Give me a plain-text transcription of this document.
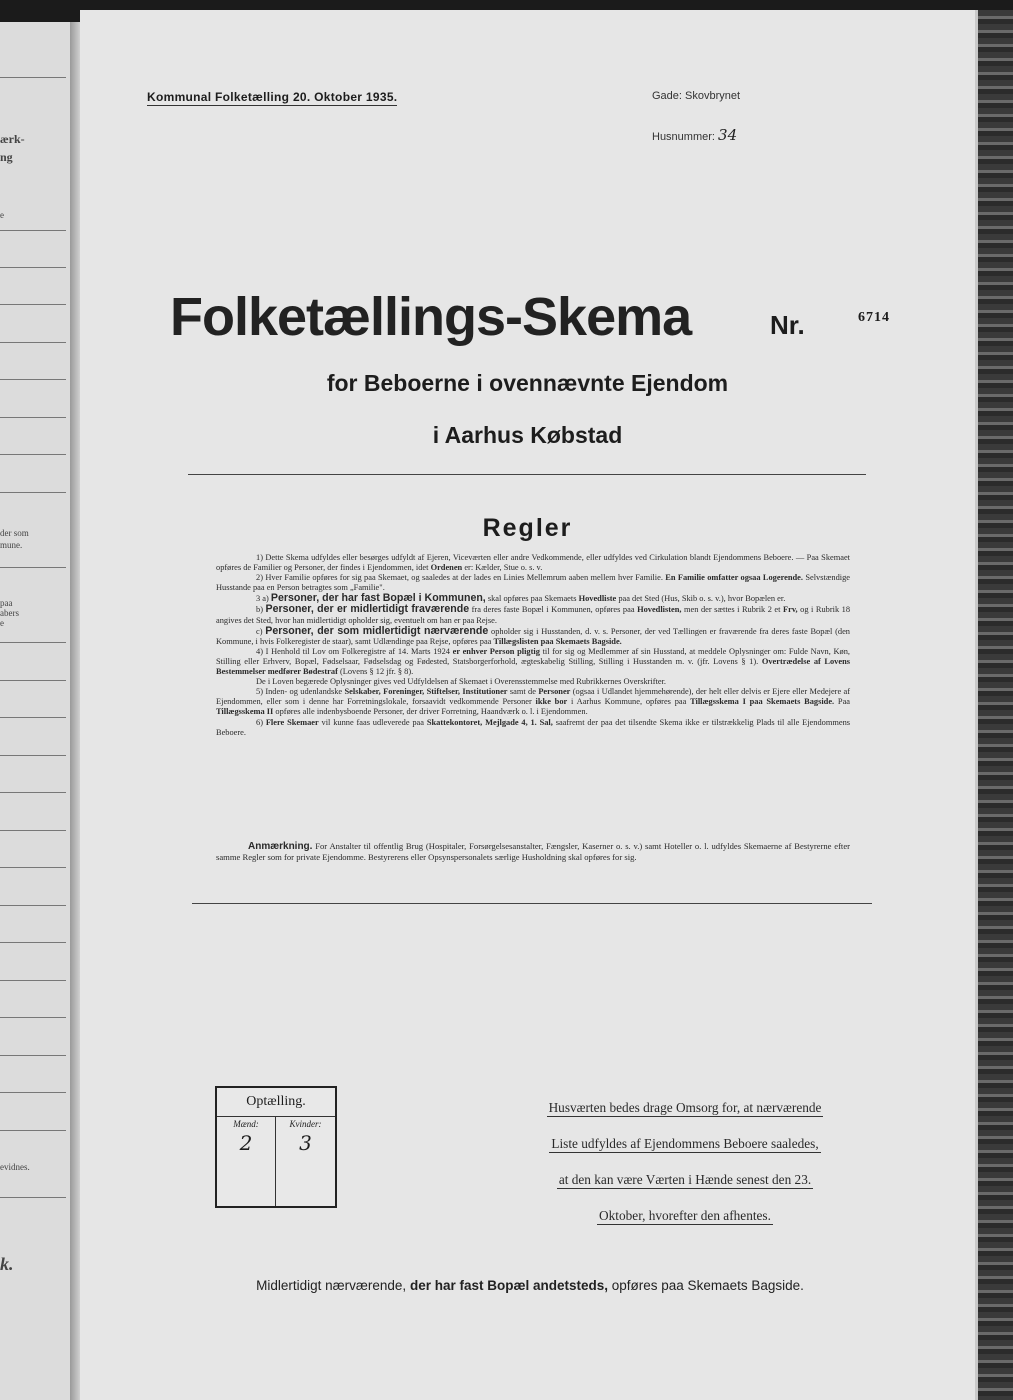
ærk-
ng
e
der som
mune.
paa
abers
e
evidnes.
k.
Kommunal Folketælling 20. Oktober 1935.	Gade: Skovbrynet
Husnummer: 34
Folketællings-Skema	Nr.	6714
for Beboerne i ovennævnte Ejendom
i Aarhus Købstad
Regler

1) Dette Skema udfyldes eller besørges udfyldt af Ejeren, Viceværten eller andre Vedkommende, eller udfyldes ved Cirkulation blandt Ejendommens Beboere. — Paa Skemaet opføres de Familier og Personer, der findes i Ejendommen, idet Ordenen er: Kælder, Stue o. s. v.

2) Hver Familie opføres for sig paa Skemaet, og saaledes at der lades en Linies Mellemrum aaben mellem hver Familie. En Familie omfatter ogsaa Logerende. Selvstændige Husstande paa en Person betragtes som „Familie".

3 a) Personer, der har fast Bopæl i Kommunen, skal opføres paa Skemaets Hovedliste paa det Sted (Hus, Skib o. s. v.), hvor Bopælen er.

b) Personer, der er midlertidigt fraværende fra deres faste Bopæl i Kommunen, opføres paa Hovedlisten, men der sættes i Rubrik 2 et Frv, og i Rubrik 18 angives det Sted, hvor han midlertidigt opholder sig, eventuelt om han er paa Rejse.

c) Personer, der som midlertidigt nærværende opholder sig i Husstanden, d. v. s. Personer, der ved Tællingen er fraværende fra deres faste Bopæl (den Kommune, i hvis Folkeregister de staar), samt Udlændinge paa Rejse, opføres paa Tillægslisten paa Skemaets Bagside.

4) I Henhold til Lov om Folkeregistre af 14. Marts 1924 er enhver Person pligtig til for sig og Medlemmer af sin Husstand, at meddele Oplysninger om: Fulde Navn, Køn, Stilling eller Erhverv, Bopæl, Fødselsaar, Fødselsdag og Fødested, Statsborgerforhold, ægteskabelig Stilling, Stilling i Husstanden m. v. (jfr. Lovens § 1). Overtrædelse af Lovens Bestemmelser medfører Bødestraf (Lovens § 12 jfr. § 8).

De i Loven begærede Oplysninger gives ved Udfyldelsen af Skemaet i Overensstemmelse med Rubrikkernes Overskrifter.

5) Inden- og udenlandske Selskaber, Foreninger, Stiftelser, Institutioner samt de Personer (ogsaa i Udlandet hjemmehørende), der helt eller delvis er Ejere eller Medejere af Ejendommen, eller som i denne har Forretningslokale, forsaavidt vedkommende Personer ikke bor i Aarhus Kommune, opføres paa Tillægsskema I paa Skemaets Bagside. Paa Tillægsskema II opføres alle indenbysboende Personer, der driver Forretning, Haandværk o. l. i Ejendommen.

6) Flere Skemaer vil kunne faas udleverede paa Skattekontoret, Mejlgade 4, 1. Sal, saafremt der paa det tilsendte Skema ikke er tilstrækkelig Plads til alle Ejendommens Beboere.

Anmærkning. For Anstalter til offentlig Brug (Hospitaler, Forsørgelsesanstalter, Fængsler, Kaserner o. s. v.) samt Hoteller o. l. udfyldes Skemaerne af Bestyrerne efter samme Regler som for private Ejendomme. Bestyrerens eller Opsynspersonalets særlige Husholdning skal opføres for sig.
Optælling.
Mænd:
2
Kvinder:
3
Husværten bedes drage Omsorg for, at nærværende
Liste udfyldes af Ejendommens Beboere saaledes,
at den kan være Værten i Hænde senest den 23.
Oktober, hvorefter den afhentes.
Midlertidigt nærværende, der har fast Bopæl andetsteds, opføres paa Skemaets Bagside.
